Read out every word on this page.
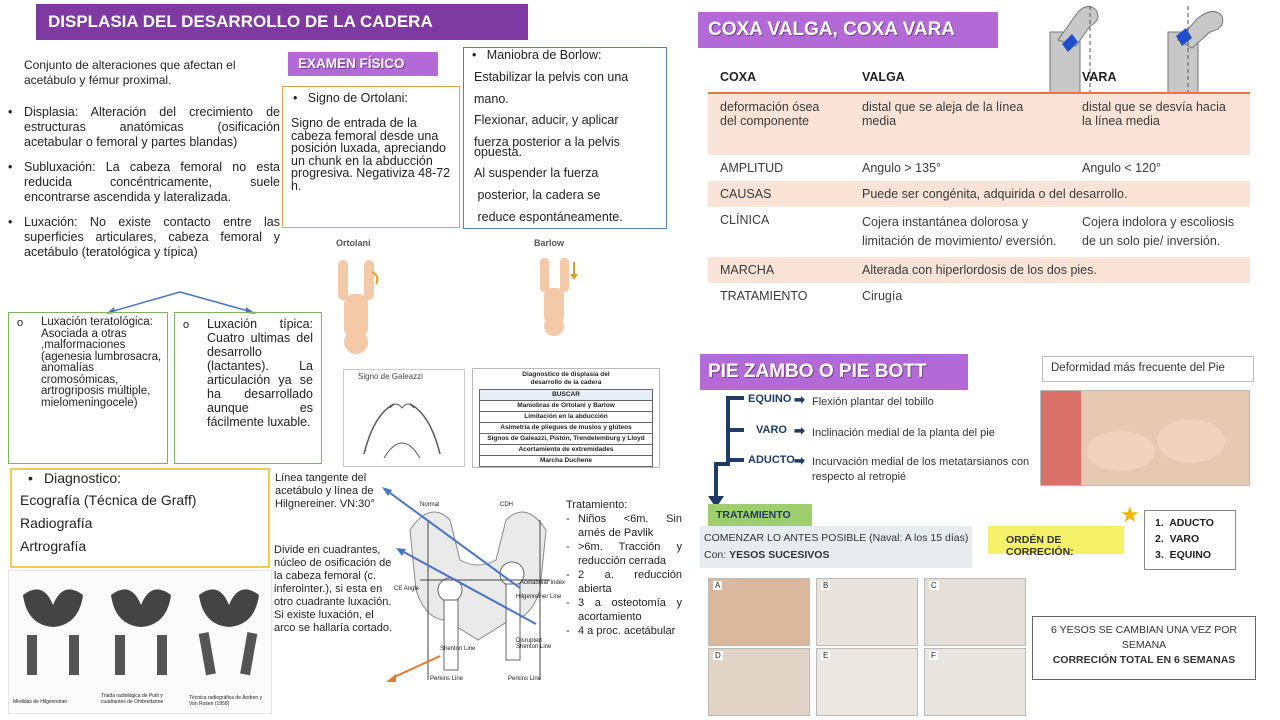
DISPLASIA DEL DESARROLLO DE LA CADERA
Conjunto de alteraciones que afectan el acetábulo y fémur proximal.
• Displasia: Alteración del crecimiento de estructuras anatómicas (osificación acetabular o femoral y partes blandas)
• Subluxación: La cabeza femoral no esta reducida concéntricamente, suele encontrarse ascendida y lateralizada.
• Luxación: No existe contacto entre las superficies articulares, cabeza femoral y acetábulo (teratológica y típica)
o Luxación teratológica: Asociada a otras ,malformaciones (agenesia lumbrosacra, anomalías cromosómicas, artrogriposis múltiple, mielomeningocele)
o Luxación típica: Cuatro ultimas del desarrollo (lactantes). La articulación ya se ha desarrollado aunque es fácilmente luxable.
• Diagnostico:
Ecografía (Técnica de Graff)
Radiografía
Artrografía
Medidas de Hilgenreiner
Triada radiológica de Putti y cuadrantes de Ombredanne
Técnica radiográfica de Andren y Von Rosen (1958)
EXAMEN FÍSICO
•   Signo de Ortolani:
Signo de entrada de la cabeza femoral desde una posición luxada, apreciando un chunk en la abducción progresiva. Negativiza 48-72 h.
•   Maniobra de Borlow:
Estabilizar la pelvis con una
mano.
Flexionar, aducir, y aplicar
fuerza posterior a la pelvis
opuesta.
Al suspender la fuerza
posterior, la cadera se
reduce espontáneamente.
Ortolani	Barlow
Signo de Galeazzi	Diagnostico de displasia del desarrollo de la cadera
BUSCAR
Maniobras de Ortolani y Barlow
Limitación en la abducción
Asimetría de pliegues de muslos y glúteos
Signos de Galeazzi, Pistón, Trendelemburg y Lloyd
Acortamiento de extremidades
Marcha Duchene
Línea tangente del acetábulo y línea de Hilgnereiner. VN:30°
Divide en cuadrantes, núcleo de osificación de la cabeza femoral (c. inferointer.), si esta en otro cuadrante luxación. Si existe luxación, el arco se hallaría cortado.
Normal	CDH
Acetabular Index
Hilgenreiner Line
CE Angle
Shenton Line
Disrupted Shenton Line
Perkins Line	Perkins Line
Tratamiento:
- Niños <6m. Sin arnés de Pavlik
- >6m. Tracción y reducción cerrada
- 2 a. reducción abierta
- 3 a osteotomía y acortamiento
- 4 a proc. acetábular
COXA VALGA, COXA VARA
COXA	VALGA	VARA
deformación ósea del componente	distal que se aleja de la línea media	distal que se desvía hacia la línea media
AMPLITUD	Angulo > 135°	Angulo < 120°
CAUSAS	Puede ser congénita, adquirida o del desarrollo.	
CLÍNICA	Cojera instantánea dolorosa y limitación de movimiento/ eversión.	Cojera indolora y escoliosis de un solo pie/ inversión.
MARCHA	Alterada con hiperlordosis de los dos pies.	
TRATAMIENTO	Cirugía	
PIE ZAMBO O PIE BOTT	Deformidad más frecuente del Pie
EQUINO ➡ Flexión plantar del tobillo
VARO ➡ Inclinación medial de la planta del pie
ADUCTO ➡ Incurvación medial de los metatarsianos con respecto al retropié
TRATAMIENTO
COMENZAR LO ANTES POSIBLE (Naval: A los 15 días)
Con: YESOS SUCESIVOS
ORDÉN DE CORRECIÓN:
★ 1.  ADUCTO
2.  VARO
3.  EQUINO
A	B	C
D	E	F
6 YESOS SE CAMBIAN UNA VEZ POR SEMANA
CORRECIÓN TOTAL EN 6 SEMANAS
